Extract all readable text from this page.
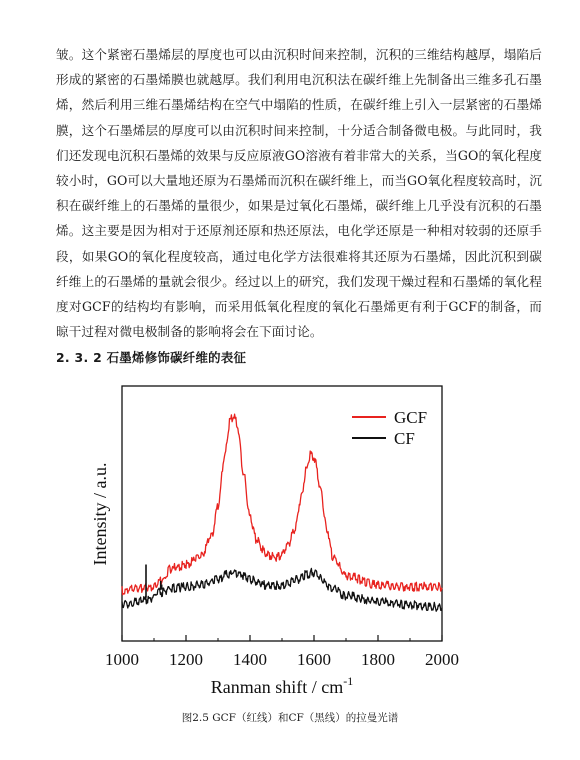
皱。这个紧密石墨烯层的厚度也可以由沉积时间来控制，沉积的三维结构越厚，塌陷后形成的紧密的石墨烯膜也就越厚。我们利用电沉积法在碳纤维上先制备出三维多孔石墨烯，然后利用三维石墨烯结构在空气中塌陷的性质，在碳纤维上引入一层紧密的石墨烯膜，这个石墨烯层的厚度可以由沉积时间来控制，十分适合制备微电极。与此同时，我们还发现电沉积石墨烯的效果与反应原液GO溶液有着非常大的关系，当GO的氧化程度较小时，GO可以大量地还原为石墨烯而沉积在碳纤维上，而当GO氧化程度较高时，沉积在碳纤维上的石墨烯的量很少，如果是过氧化石墨烯，碳纤维上几乎没有沉积的石墨烯。这主要是因为相对于还原剂还原和热还原法，电化学还原是一种相对较弱的还原手段，如果GO的氧化程度较高，通过电化学方法很难将其还原为石墨烯，因此沉积到碳纤维上的石墨烯的量就会很少。经过以上的研究，我们发现干燥过程和石墨烯的氧化程度对GCF的结构均有影响，而采用低氧化程度的氧化石墨烯更有利于GCF的制备，而晾干过程对微电极制备的影响将会在下面讨论。

2. 3. 2 石墨烯修饰碳纤维的表征

1000 1200 1400 1600 1800 2000
GCF
CF
Ranman shift / $cm^{-1}$
Intensity / a.u.

图2.5 GCF（红线）和CF（黑线）的拉曼光谱
